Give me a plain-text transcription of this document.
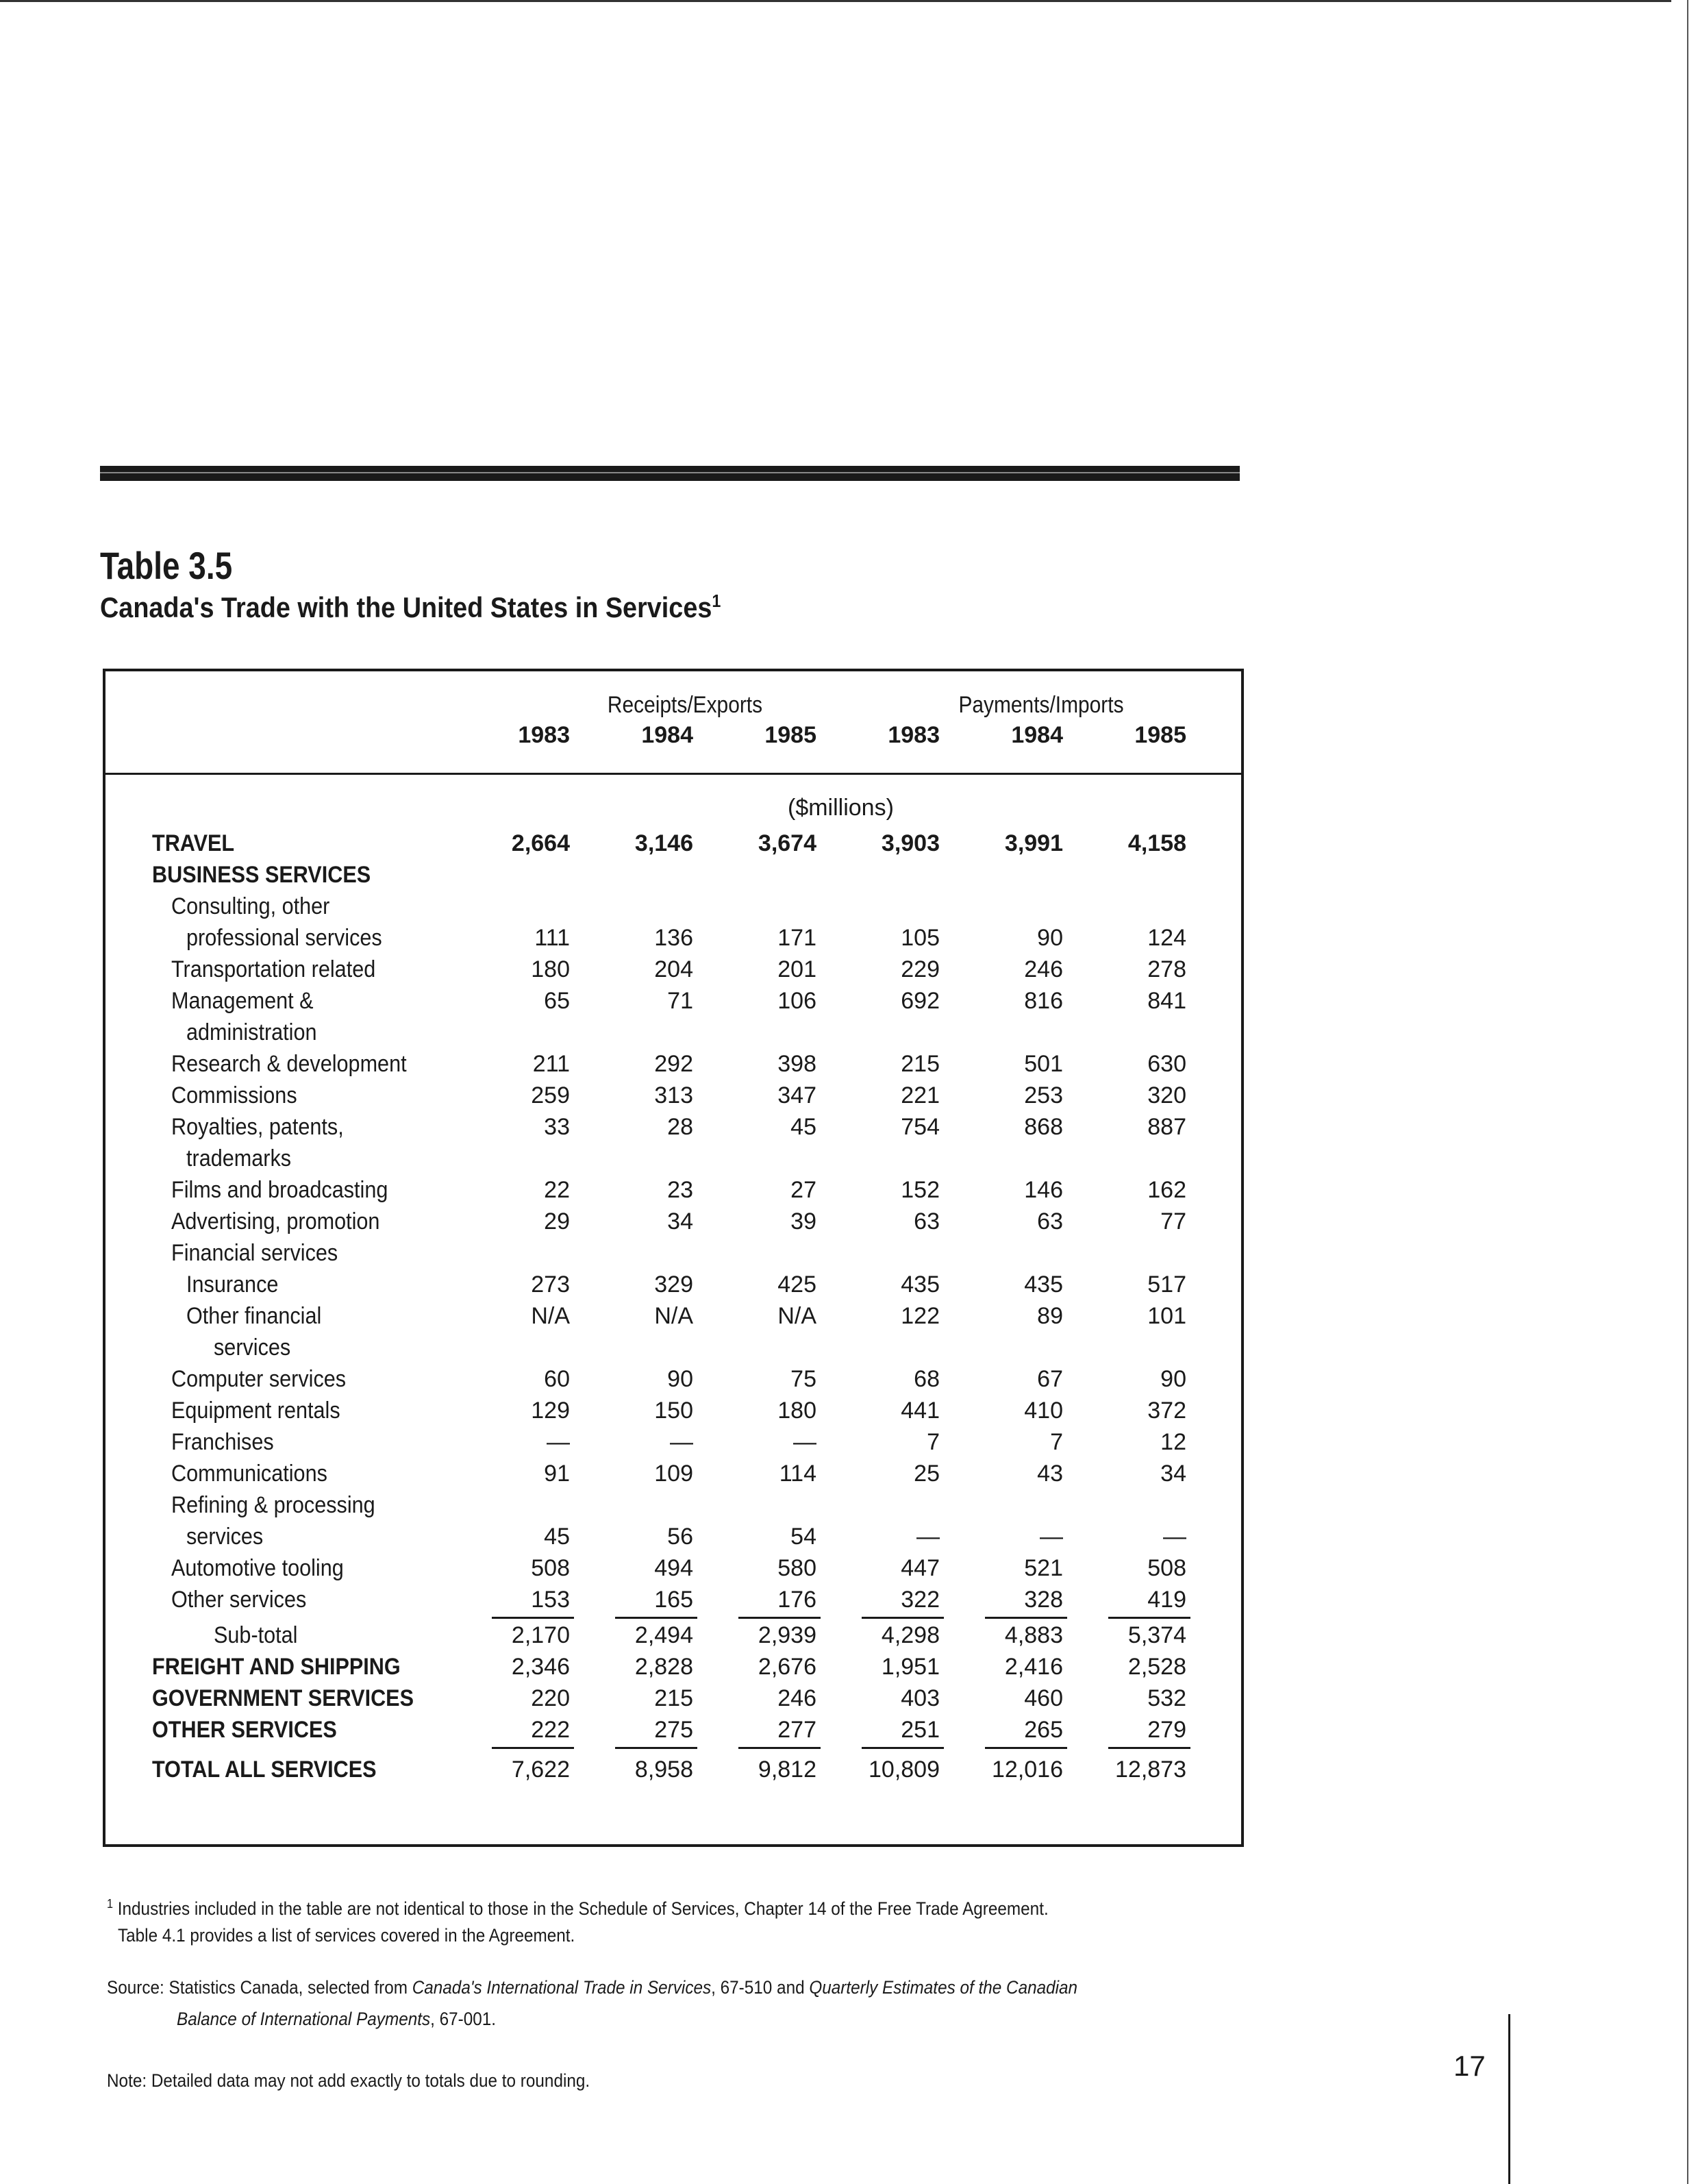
Table 3.5
Canada's Trade with the United States in Services$^1$
Receipts/Exports	Payments/Imports
1983	1984	1985	1983	1984	1985
($millions)
TRAVEL	2,664	3,146	3,674	3,903	3,991	4,158
BUSINESS SERVICES
Consulting, other
professional services	111	136	171	105	90	124
Transportation related	180	204	201	229	246	278
Management &	65	71	106	692	816	841
administration
Research & development	211	292	398	215	501	630
Commissions	259	313	347	221	253	320
Royalties, patents,	33	28	45	754	868	887
trademarks
Films and broadcasting	22	23	27	152	146	162
Advertising, promotion	29	34	39	63	63	77
Financial services
Insurance	273	329	425	435	435	517
Other financial	N/A	N/A	N/A	122	89	101
services
Computer services	60	90	75	68	67	90
Equipment rentals	129	150	180	441	410	372
Franchises	—	—	—	7	7	12
Communications	91	109	114	25	43	34
Refining & processing
services	45	56	54	—	—	—
Automotive tooling	508	494	580	447	521	508
Other services	153	165	176	322	328	419
Sub-total	2,170	2,494	2,939	4,298	4,883	5,374
FREIGHT AND SHIPPING	2,346	2,828	2,676	1,951	2,416	2,528
GOVERNMENT SERVICES	220	215	246	403	460	532
OTHER SERVICES	222	275	277	251	265	279
TOTAL ALL SERVICES	7,622	8,958	9,812	10,809	12,016	12,873
$^1$ Industries included in the table are not identical to those in the Schedule of Services, Chapter 14 of the Free Trade Agreement.
Table 4.1 provides a list of services covered in the Agreement.
Source: Statistics Canada, selected from Canada's International Trade in Services, 67-510 and Quarterly Estimates of the Canadian
Balance of International Payments, 67-001.
Note: Detailed data may not add exactly to totals due to rounding.	17
